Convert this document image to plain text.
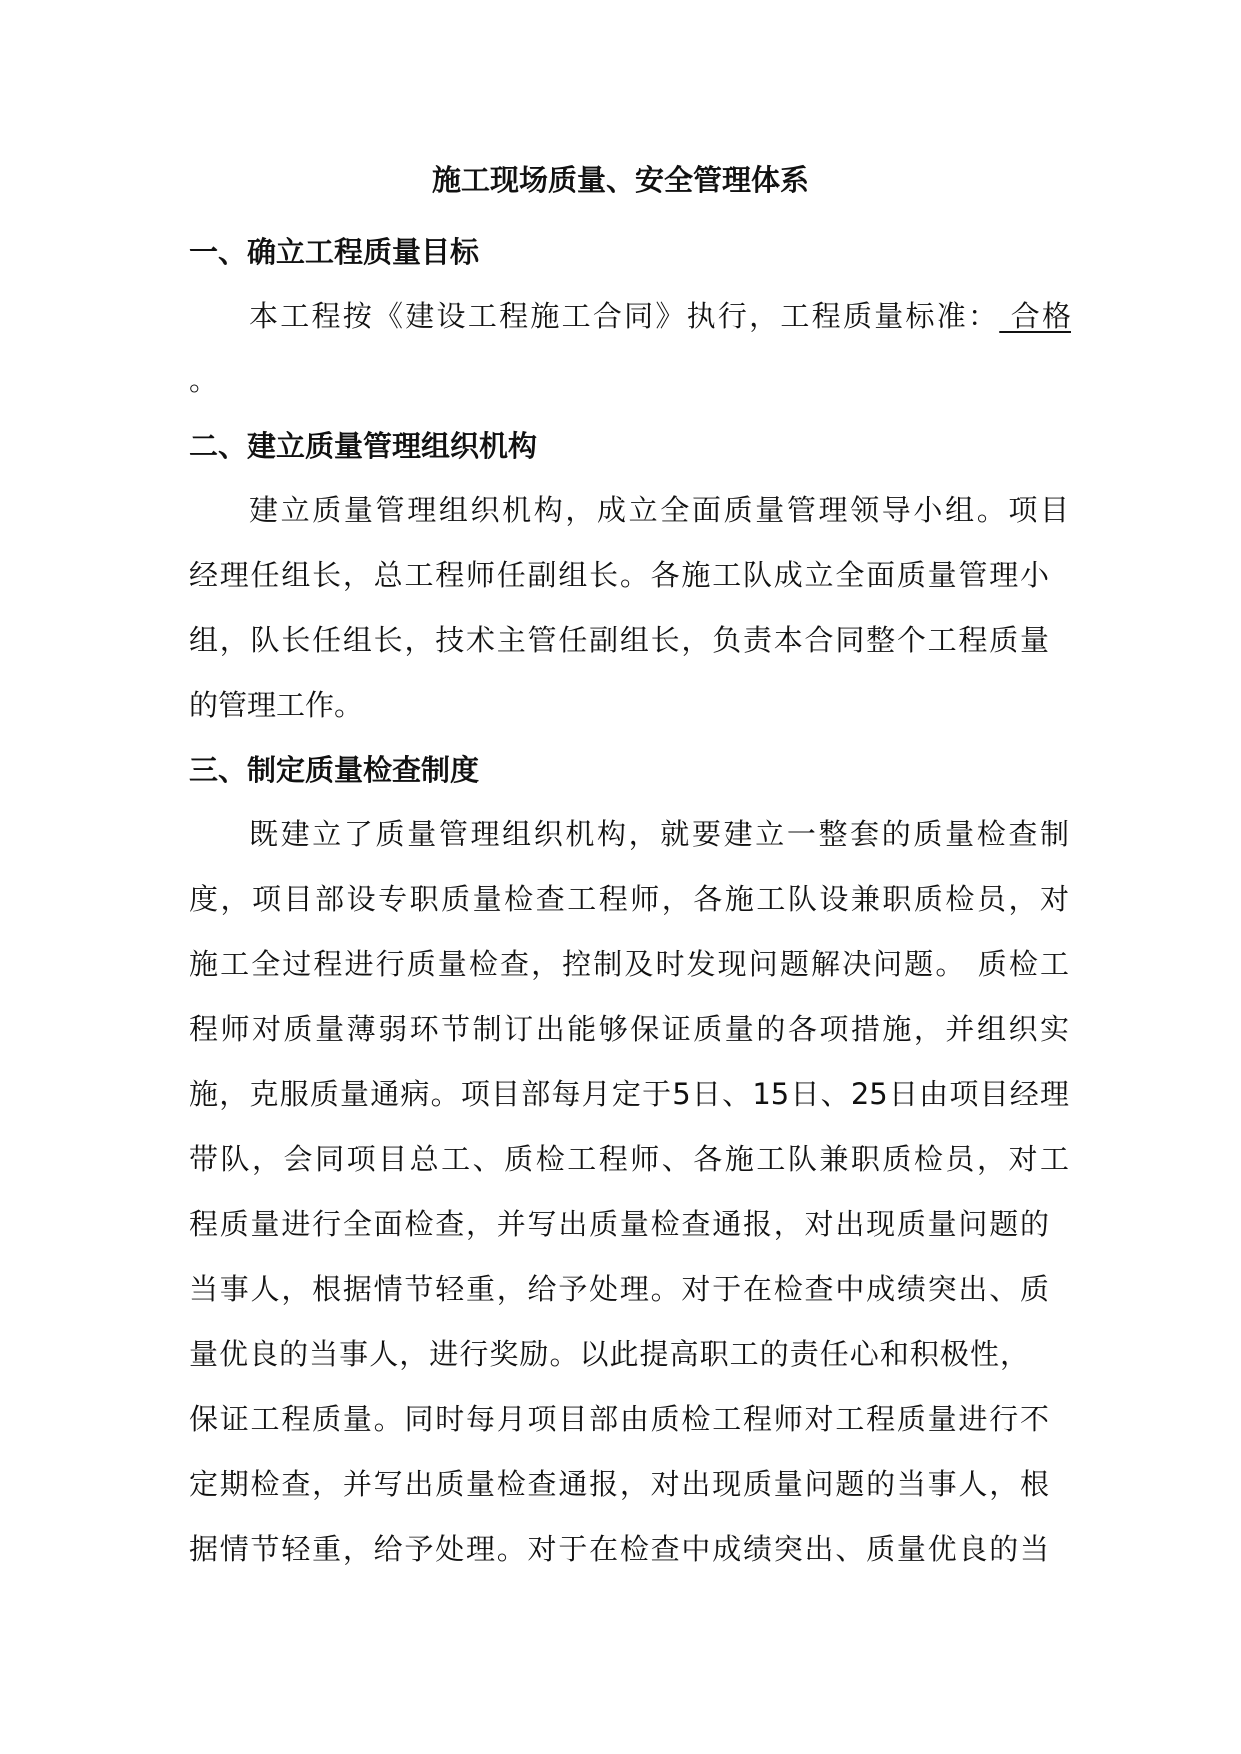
施工现场质量、安全管理体系
一、确立工程质量目标
本工程按《建设工程施工合同》执行，工程质量标准： 合格
。
二、建立质量管理组织机构
建立质量管理组织机构，成立全面质量管理领导小组。项目
经理任组长，总工程师任副组长。各施工队成立全面质量管理小
组，队长任组长，技术主管任副组长，负责本合同整个工程质量
的管理工作。
三、制定质量检查制度
既建立了质量管理组织机构，就要建立一整套的质量检查制
度，项目部设专职质量检查工程师，各施工队设兼职质检员，对
施工全过程进行质量检查，控制及时发现问题解决问题。 质检工
程师对质量薄弱环节制订出能够保证质量的各项措施，并组织实
施，克服质量通病。项目部每月定于5日、15日、25日由项目经理
带队，会同项目总工、质检工程师、各施工队兼职质检员，对工
程质量进行全面检查，并写出质量检查通报，对出现质量问题的
当事人，根据情节轻重，给予处理。对于在检查中成绩突出、质
量优良的当事人，进行奖励。以此提高职工的责任心和积极性，
保证工程质量。同时每月项目部由质检工程师对工程质量进行不
定期检查，并写出质量检查通报，对出现质量问题的当事人，根
据情节轻重，给予处理。对于在检查中成绩突出、质量优良的当
